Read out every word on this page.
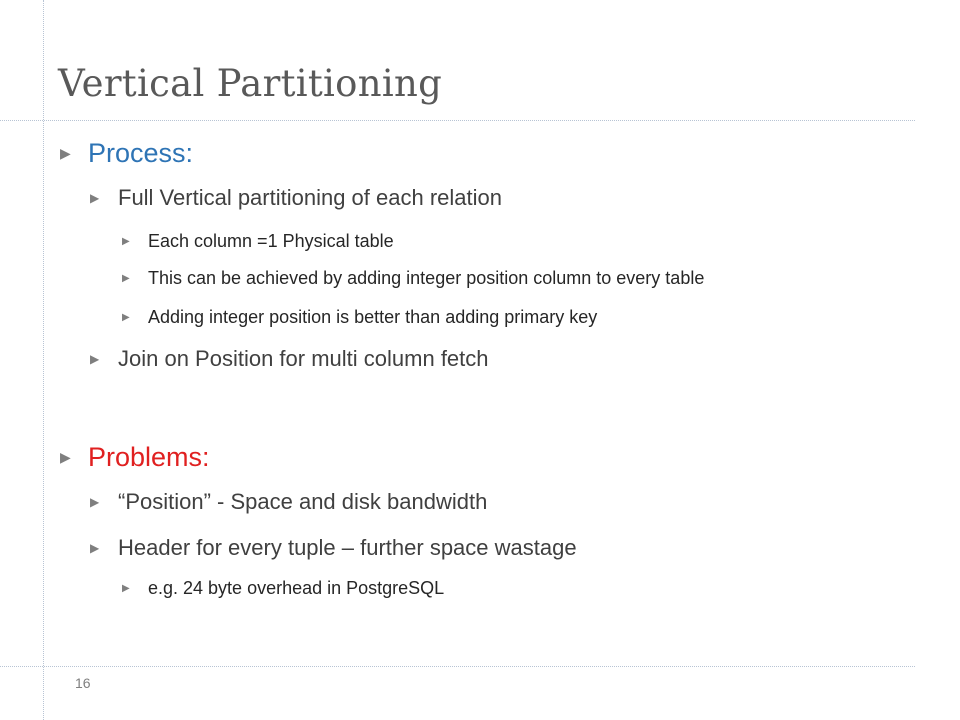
Vertical Partitioning
▶ Process:
▶ Full Vertical partitioning of each relation
▶	Each column =1 Physical table
▶	This can be achieved by adding integer position column to every table
▶	Adding integer position is better than adding primary key
▶ Join on Position for multi column fetch
▶ Problems:
▶ “Position” - Space and disk bandwidth
▶ Header for every tuple – further space wastage
▶	e.g. 24 byte overhead in PostgreSQL
16
